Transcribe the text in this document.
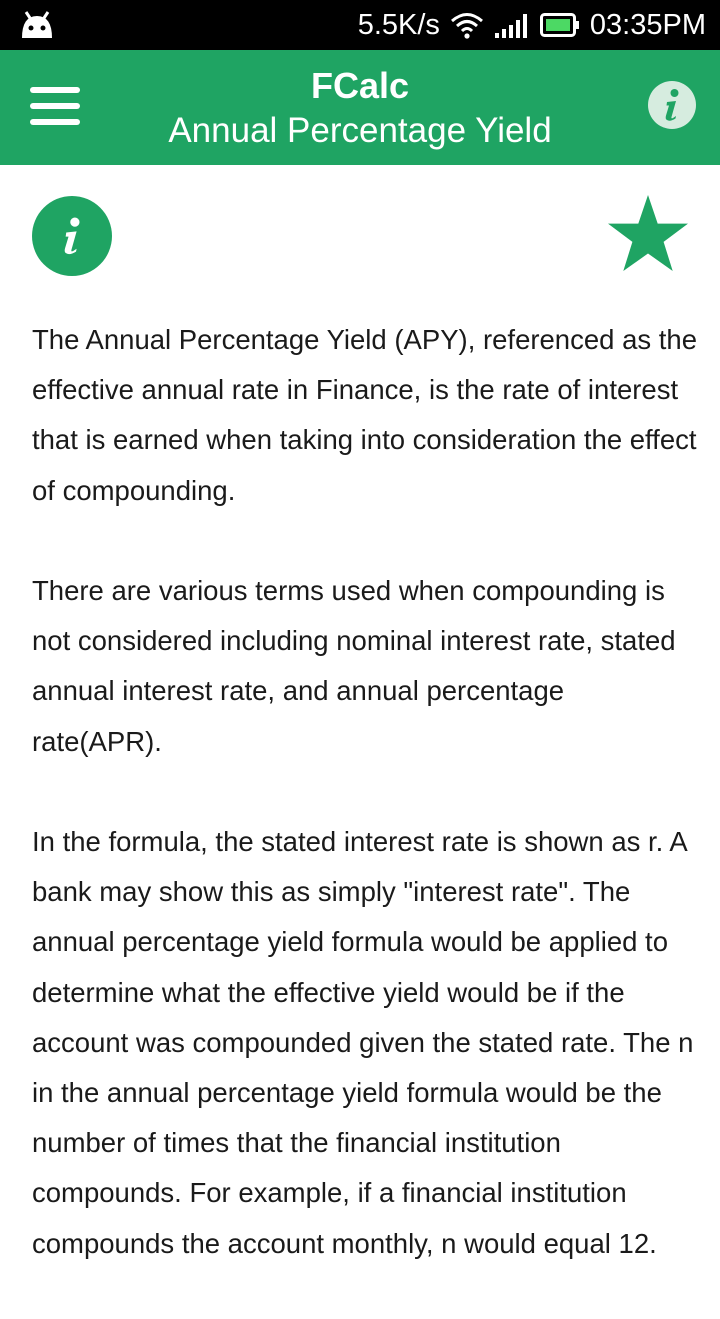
5.5K/s	03:35PM
FCalc
Annual Percentage Yield

The Annual Percentage Yield (APY), referenced as the effective annual rate in Finance, is the rate of interest that is earned when taking into consideration the effect of compounding.

There are various terms used when compounding is not considered including nominal interest rate, stated annual interest rate, and annual percentage rate(APR).

In the formula, the stated interest rate is shown as r. A bank may show this as simply "interest rate". The annual percentage yield formula would be applied to determine what the effective yield would be if the account was compounded given the stated rate. The n in the annual percentage yield formula would be the number of times that the financial institution compounds. For example, if a financial institution compounds the account monthly, n would equal 12.
